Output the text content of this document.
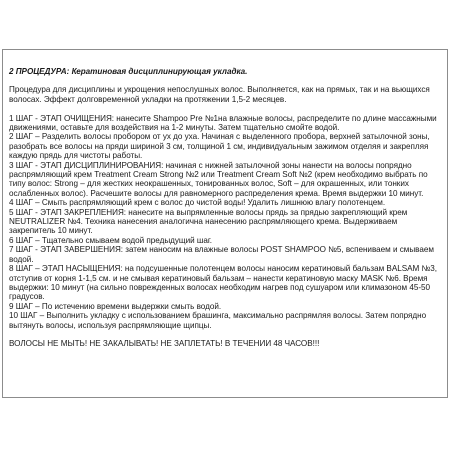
2 ПРОЦЕДУРА: Кератиновая дисциплинирующая укладка.

Процедура для дисциплины и укрощения непослушных волос. Выполняется, как на прямых, так и на вьющихся волосах. Эффект долговременной укладки на протяжении 1,5-2 месяцев.

1 ШАГ - ЭТАП ОЧИЩЕНИЯ: нанесите Shampoo Pre №1на влажные волосы, распределите по длине массажными движениями, оставьте для воздействия на 1-2 минуты. Затем тщательно смойте водой.

2 ШАГ – Разделить волосы пробором от ух до уха. Начиная с выделенного пробора, верхней затылочной зоны, разобрать все волосы на пряди шириной 3 см, толщиной 1 см, индивидуальным зажимом отделяя и закрепляя каждую прядь для чистоты работы.

3 ШАГ - ЭТАП ДИСЦИПЛИНИРОВАНИЯ: начиная с нижней затылочной зоны нанести на волосы попрядно распрямляющий крем Treatment Cream Strong №2 или Treatment Cream Soft №2 (крем необходимо выбрать по типу волос: Strong – для жестких неокрашенных, тонированных волос, Soft – для окрашенных, или тонких ослабленных волос). Расчешите волосы для равномерного распределения крема. Время выдержки 10 минут.

4 ШАГ – Смыть распрямляющий крем с волос до чистой воды! Удалить лишнюю влагу полотенцем.

5 ШАГ - ЭТАП ЗАКРЕПЛЕНИЯ: нанесите на выпрямленные волосы прядь за прядью закрепляющий крем NEUTRALIZER №4. Техника нанесения аналогична нанесению распрямляющего крема. Выдерживаем закрепитель 10 минут.

6 ШАГ – Тщательно смываем водой предыдущий шаг.

7 ШАГ - ЭТАП ЗАВЕРШЕНИЯ: затем наносим на влажные волосы POST SHAMPOO №5, вспениваем и смываем водой.

8 ШАГ – ЭТАП НАСЫЩЕНИЯ: на подсушенные полотенцем волосы наносим кератиновый бальзам BALSAM №3, отступив от корня 1-1,5 см. и не смывая кератиновый бальзам – нанести кератиновую маску MASK №6. Время выдержки: 10 минут (на сильно поврежденных волосах необходим нагрев под сушуаром или климазоном 45-50 градусов.

9 ШАГ – По истечению времени выдержки смыть водой.

10 ШАГ – Выполнить укладку с использованием брашинга, максимально распрямляя волосы. Затем попрядно вытянуть волосы, используя распрямляющие щипцы.

ВОЛОСЫ НЕ МЫТЬ! НЕ ЗАКАЛЫВАТЬ! НЕ ЗАПЛЕТАТЬ! В ТЕЧЕНИИ 48 ЧАСОВ!!!
